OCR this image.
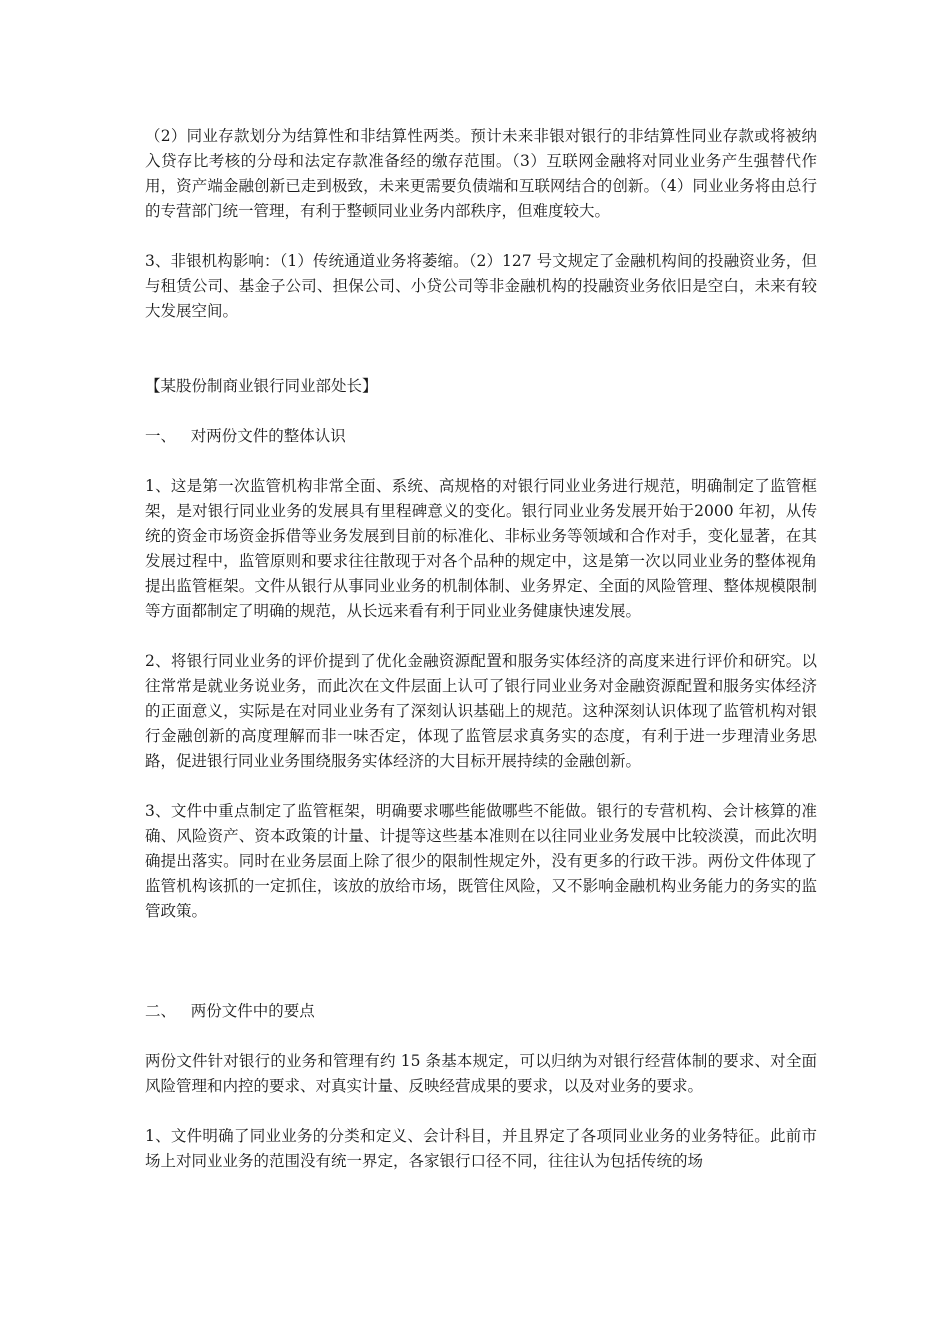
（2）同业存款划分为结算性和非结算性两类。预计未来非银对银行的非结算性同业存款或将被纳入贷存比考核的分母和法定存款准备经的缴存范围。（3）互联网金融将对同业业务产生强替代作用，资产端金融创新已走到极致，未来更需要负债端和互联网结合的创新。（4）同业业务将由总行的专营部门统一管理，有利于整顿同业业务内部秩序，但难度较大。

3、非银机构影响：（1）传统通道业务将萎缩。（2）127 号文规定了金融机构间的投融资业务，但与租赁公司、基金子公司、担保公司、小贷公司等非金融机构的投融资业务依旧是空白，未来有较大发展空间。

【某股份制商业银行同业部处长】

一、   对两份文件的整体认识

1、这是第一次监管机构非常全面、系统、高规格的对银行同业业务进行规范，明确制定了监管框架，是对银行同业业务的发展具有里程碑意义的变化。银行同业业务发展开始于2000 年初，从传统的资金市场资金拆借等业务发展到目前的标准化、非标业务等领域和合作对手，变化显著，在其发展过程中，监管原则和要求往往散现于对各个品种的规定中，这是第一次以同业业务的整体视角提出监管框架。文件从银行从事同业业务的机制体制、业务界定、全面的风险管理、整体规模限制等方面都制定了明确的规范，从长远来看有利于同业业务健康快速发展。

2、将银行同业业务的评价提到了优化金融资源配置和服务实体经济的高度来进行评价和研究。以往常常是就业务说业务，而此次在文件层面上认可了银行同业业务对金融资源配置和服务实体经济的正面意义，实际是在对同业业务有了深刻认识基础上的规范。这种深刻认识体现了监管机构对银行金融创新的高度理解而非一味否定，体现了监管层求真务实的态度，有利于进一步理清业务思路，促进银行同业业务围绕服务实体经济的大目标开展持续的金融创新。

3、文件中重点制定了监管框架，明确要求哪些能做哪些不能做。银行的专营机构、会计核算的准确、风险资产、资本政策的计量、计提等这些基本准则在以往同业业务发展中比较淡漠，而此次明确提出落实。同时在业务层面上除了很少的限制性规定外，没有更多的行政干涉。两份文件体现了监管机构该抓的一定抓住，该放的放给市场，既管住风险，又不影响金融机构业务能力的务实的监管政策。

二、   两份文件中的要点

两份文件针对银行的业务和管理有约 15 条基本规定，可以归纳为对银行经营体制的要求、对全面风险管理和内控的要求、对真实计量、反映经营成果的要求，以及对业务的要求。

1、文件明确了同业业务的分类和定义、会计科目，并且界定了各项同业业务的业务特征。此前市场上对同业业务的范围没有统一界定，各家银行口径不同，往往认为包括传统的场
